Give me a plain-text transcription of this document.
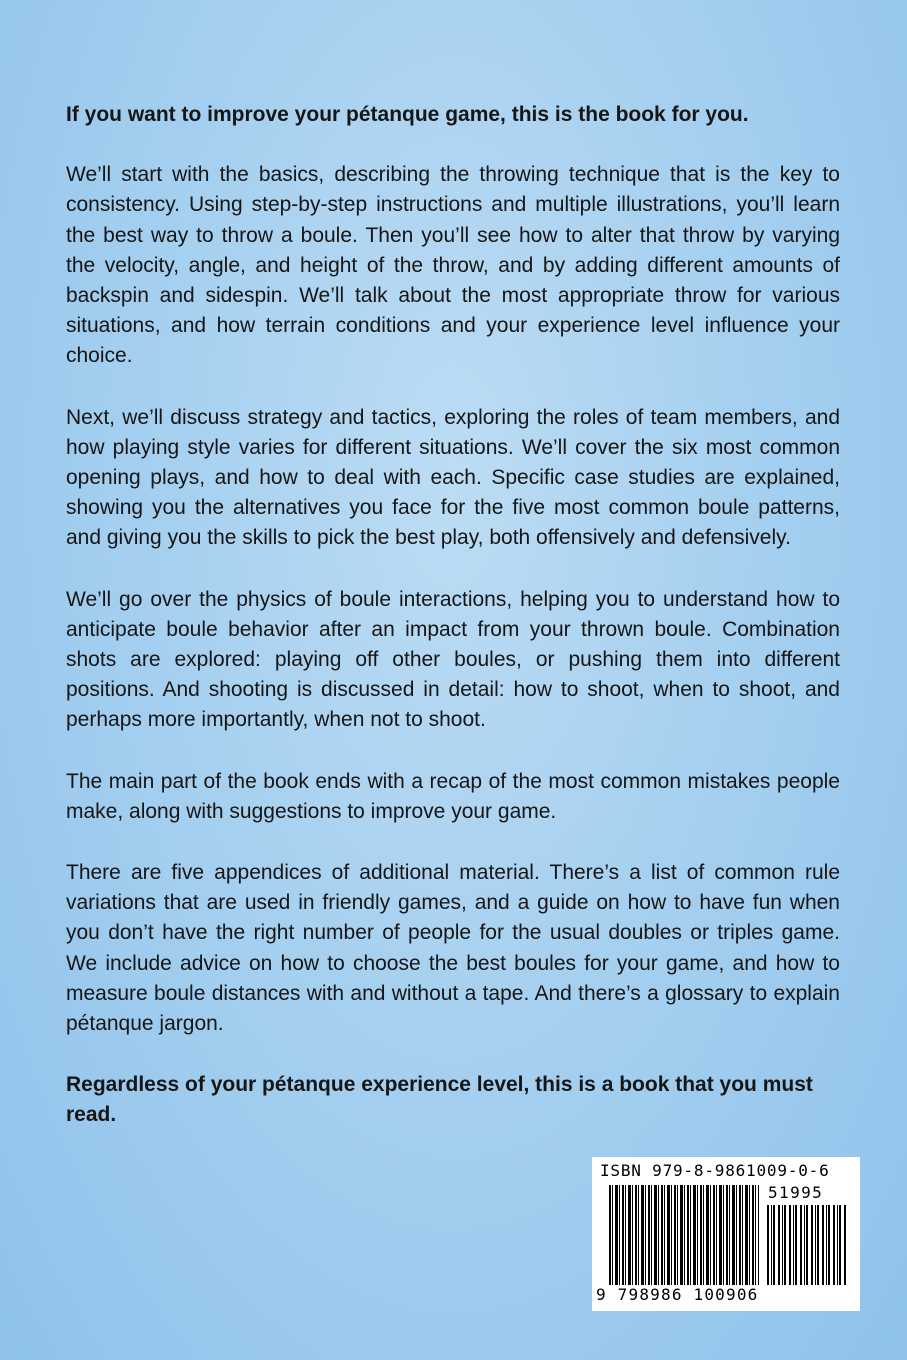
If you want to improve your pétanque game, this is the book for you.

We’ll start with the basics, describing the throwing technique that is the key to consistency. Using step-by-step instructions and multiple illustrations, you’ll learn the best way to throw a boule. Then you’ll see how to alter that throw by varying the velocity, angle, and height of the throw, and by adding different amounts of backspin and sidespin. We’ll talk about the most appropriate throw for various situations, and how terrain conditions and your experience level influence your choice.

Next, we’ll discuss strategy and tactics, exploring the roles of team members, and how playing style varies for different situations. We’ll cover the six most common opening plays, and how to deal with each. Specific case studies are explained, showing you the alternatives you face for the five most common boule patterns, and giving you the skills to pick the best play, both offensively and defensively.

We’ll go over the physics of boule interactions, helping you to understand how to anticipate boule behavior after an impact from your thrown boule. Combination shots are explored: playing off other boules, or pushing them into different positions. And shooting is discussed in detail: how to shoot, when to shoot, and perhaps more importantly, when not to shoot.

The main part of the book ends with a recap of the most common mistakes people make, along with suggestions to improve your game.

There are five appendices of additional material. There’s a list of common rule variations that are used in friendly games, and a guide on how to have fun when you don’t have the right number of people for the usual doubles or triples game. We include advice on how to choose the best boules for your game, and how to measure boule distances with and without a tape. And there’s a glossary to explain pétanque jargon.

Regardless of your pétanque experience level, this is a book that you must read.

ISBN 979-8-9861009-0-6
51995
9 798986 100906
